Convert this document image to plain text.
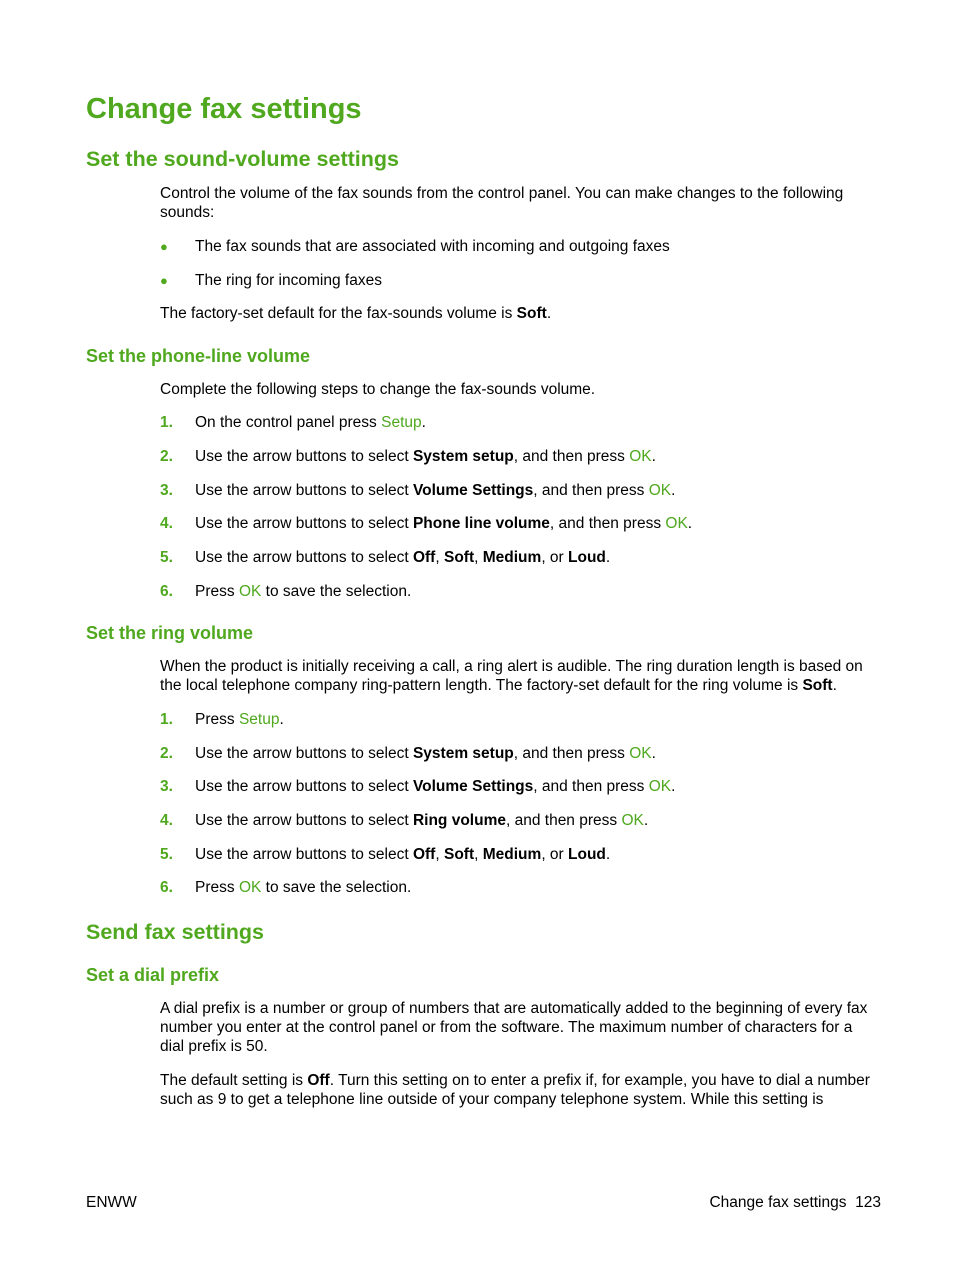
Change fax settings
Set the sound-volume settings

Control the volume of the fax sounds from the control panel. You can make changes to the following sounds:

● The fax sounds that are associated with incoming and outgoing faxes
● The ring for incoming faxes

The factory-set default for the fax-sounds volume is Soft.

Set the phone-line volume

Complete the following steps to change the fax-sounds volume.

1. On the control panel press Setup.
2. Use the arrow buttons to select System setup, and then press OK.
3. Use the arrow buttons to select Volume Settings, and then press OK.
4. Use the arrow buttons to select Phone line volume, and then press OK.
5. Use the arrow buttons to select Off, Soft, Medium, or Loud.
6. Press OK to save the selection.
Set the ring volume

When the product is initially receiving a call, a ring alert is audible. The ring duration length is based on
the local telephone company ring-pattern length. The factory-set default for the ring volume is Soft.

1. Press Setup.
2. Use the arrow buttons to select System setup, and then press OK.
3. Use the arrow buttons to select Volume Settings, and then press OK.
4. Use the arrow buttons to select Ring volume, and then press OK.
5. Use the arrow buttons to select Off, Soft, Medium, or Loud.
6. Press OK to save the selection.
Send fax settings
Set a dial prefix

A dial prefix is a number or group of numbers that are automatically added to the beginning of every fax
number you enter at the control panel or from the software. The maximum number of characters for a
dial prefix is 50.

The default setting is Off. Turn this setting on to enter a prefix if, for example, you have to dial a number
such as 9 to get a telephone line outside of your company telephone system. While this setting is

ENWW	Change fax settings 123
